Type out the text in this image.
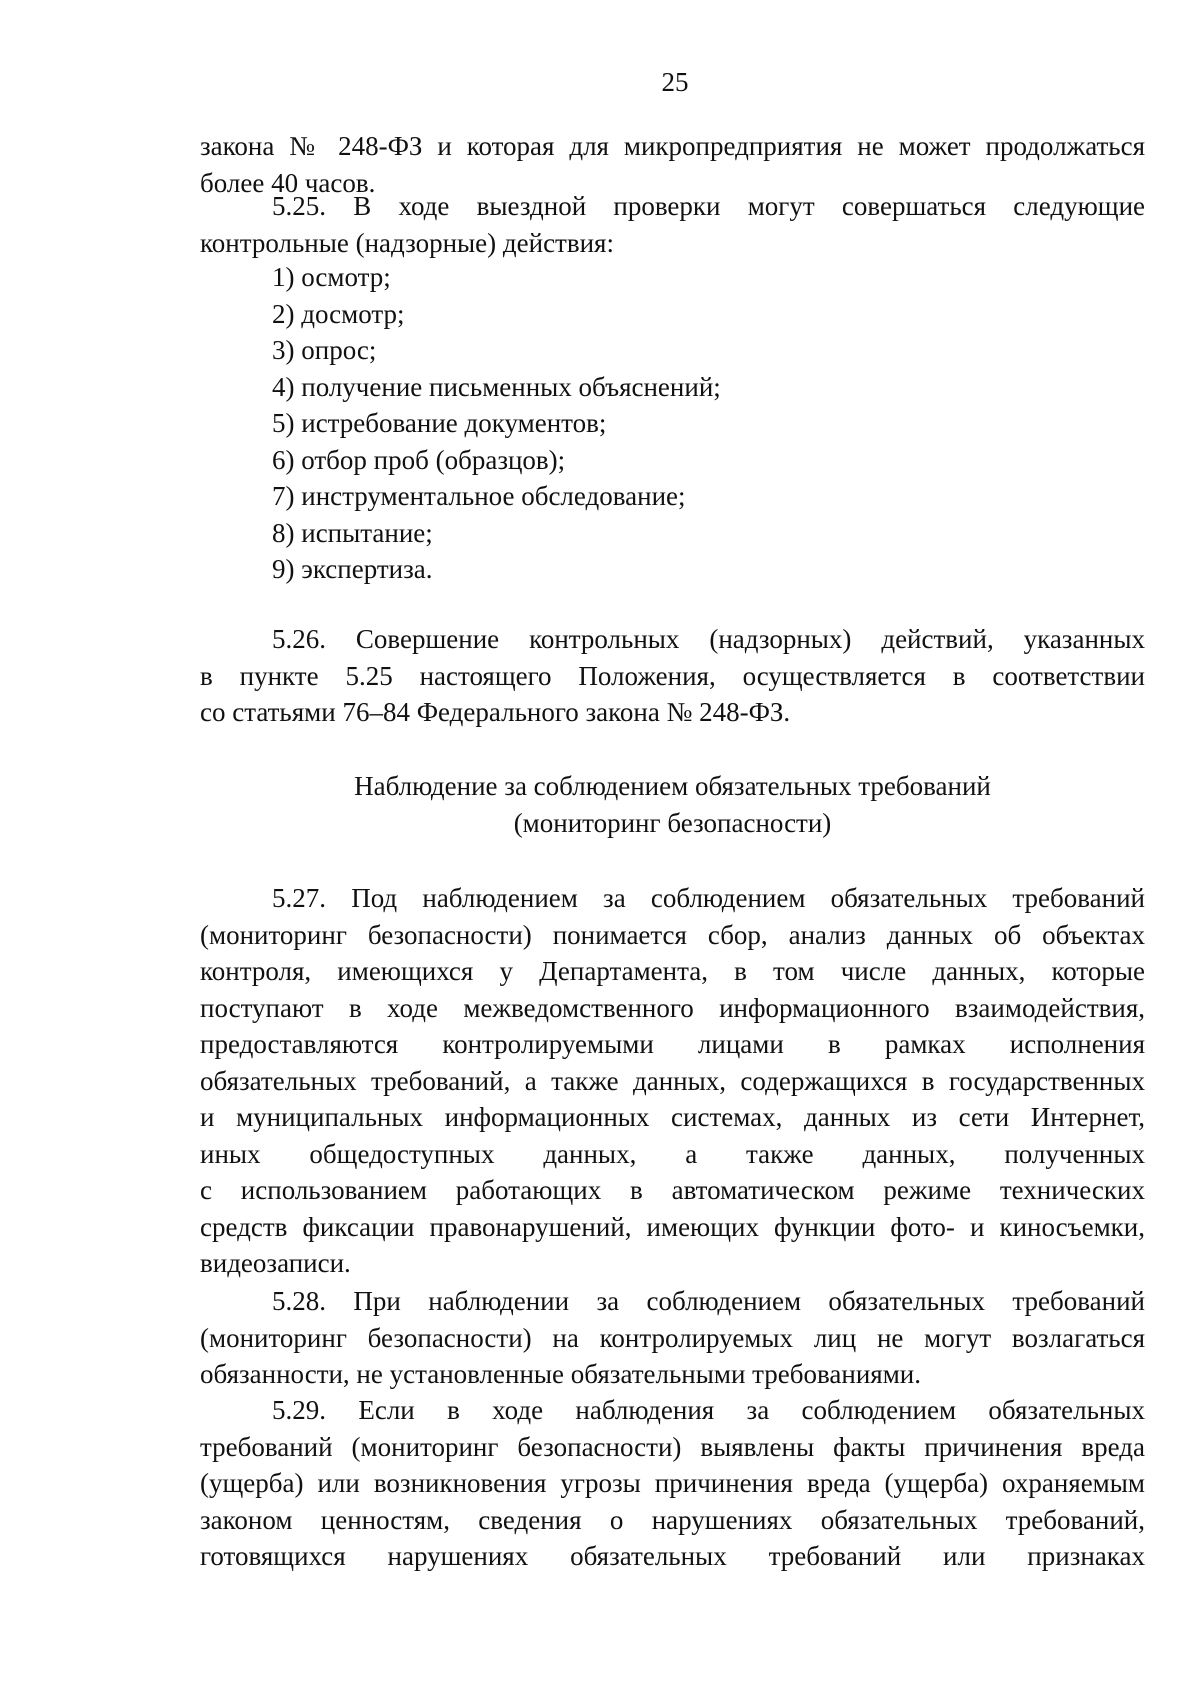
25
закона № 248-ФЗ и которая для микропредприятия не может продолжаться
более 40 часов.
5.25. В ходе выездной проверки могут совершаться следующие
контрольные (надзорные) действия:
1) осмотр;
2) досмотр;
3) опрос;
4) получение письменных объяснений;
5) истребование документов;
6) отбор проб (образцов);
7) инструментальное обследование;
8) испытание;
9) экспертиза.
5.26. Совершение контрольных (надзорных) действий, указанных
в пункте 5.25 настоящего Положения, осуществляется в соответствии
со статьями 76–84 Федерального закона № 248-ФЗ.
Наблюдение за соблюдением обязательных требований
(мониторинг безопасности)
5.27. Под наблюдением за соблюдением обязательных требований
(мониторинг безопасности) понимается сбор, анализ данных об объектах
контроля, имеющихся у Департамента, в том числе данных, которые
поступают в ходе межведомственного информационного взаимодействия,
предоставляются контролируемыми лицами в рамках исполнения
обязательных требований, а также данных, содержащихся в государственных
и муниципальных информационных системах, данных из сети Интернет,
иных общедоступных данных, а также данных, полученных
с использованием работающих в автоматическом режиме технических
средств фиксации правонарушений, имеющих функции фото- и киносъемки,
видеозаписи.
5.28. При наблюдении за соблюдением обязательных требований
(мониторинг безопасности) на контролируемых лиц не могут возлагаться
обязанности, не установленные обязательными требованиями.
5.29. Если в ходе наблюдения за соблюдением обязательных
требований (мониторинг безопасности) выявлены факты причинения вреда
(ущерба) или возникновения угрозы причинения вреда (ущерба) охраняемым
законом ценностям, сведения о нарушениях обязательных требований,
готовящихся нарушениях обязательных требований или признаках
